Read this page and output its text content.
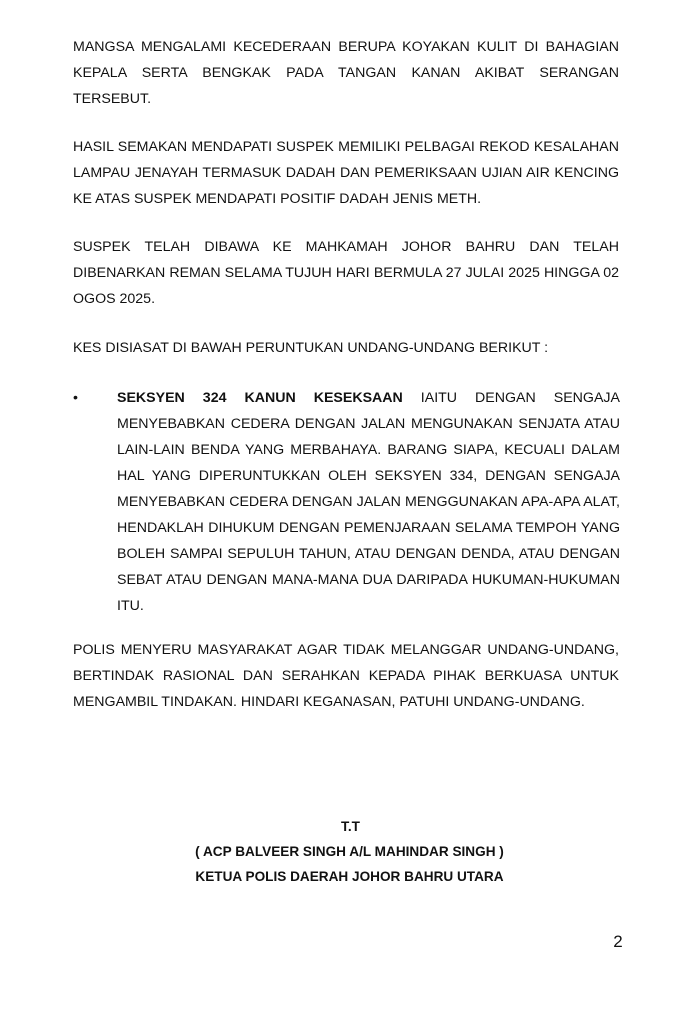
MANGSA MENGALAMI KECEDERAAN BERUPA KOYAKAN KULIT DI BAHAGIAN KEPALA SERTA BENGKAK PADA TANGAN KANAN AKIBAT SERANGAN TERSEBUT.

HASIL SEMAKAN MENDAPATI SUSPEK MEMILIKI PELBAGAI REKOD KESALAHAN LAMPAU JENAYAH TERMASUK DADAH DAN PEMERIKSAAN UJIAN AIR KENCING KE ATAS SUSPEK MENDAPATI POSITIF DADAH JENIS METH.

SUSPEK TELAH DIBAWA KE MAHKAMAH JOHOR BAHRU DAN TELAH DIBENARKAN REMAN SELAMA TUJUH HARI BERMULA 27 JULAI 2025 HINGGA 02 OGOS 2025.

KES DISIASAT DI BAWAH PERUNTUKAN UNDANG-UNDANG BERIKUT :

•	SEKSYEN 324 KANUN KESEKSAAN IAITU DENGAN SENGAJA MENYEBABKAN CEDERA DENGAN JALAN MENGUNAKAN SENJATA ATAU LAIN-LAIN BENDA YANG MERBAHAYA. BARANG SIAPA, KECUALI DALAM HAL YANG DIPERUNTUKKAN OLEH SEKSYEN 334, DENGAN SENGAJA MENYEBABKAN CEDERA DENGAN JALAN MENGGUNAKAN APA-APA ALAT, HENDAKLAH DIHUKUM DENGAN PEMENJARAAN SELAMA TEMPOH YANG BOLEH SAMPAI SEPULUH TAHUN, ATAU DENGAN DENDA, ATAU DENGAN SEBAT ATAU DENGAN MANA-MANA DUA DARIPADA HUKUMAN-HUKUMAN ITU.

POLIS MENYERU MASYARAKAT AGAR TIDAK MELANGGAR UNDANG-UNDANG, BERTINDAK RASIONAL DAN SERAHKAN KEPADA PIHAK BERKUASA UNTUK MENGAMBIL TINDAKAN. HINDARI KEGANASAN, PATUHI UNDANG-UNDANG.

T.T

( ACP BALVEER SINGH A/L MAHINDAR SINGH )

KETUA POLIS DAERAH JOHOR BAHRU UTARA

2
